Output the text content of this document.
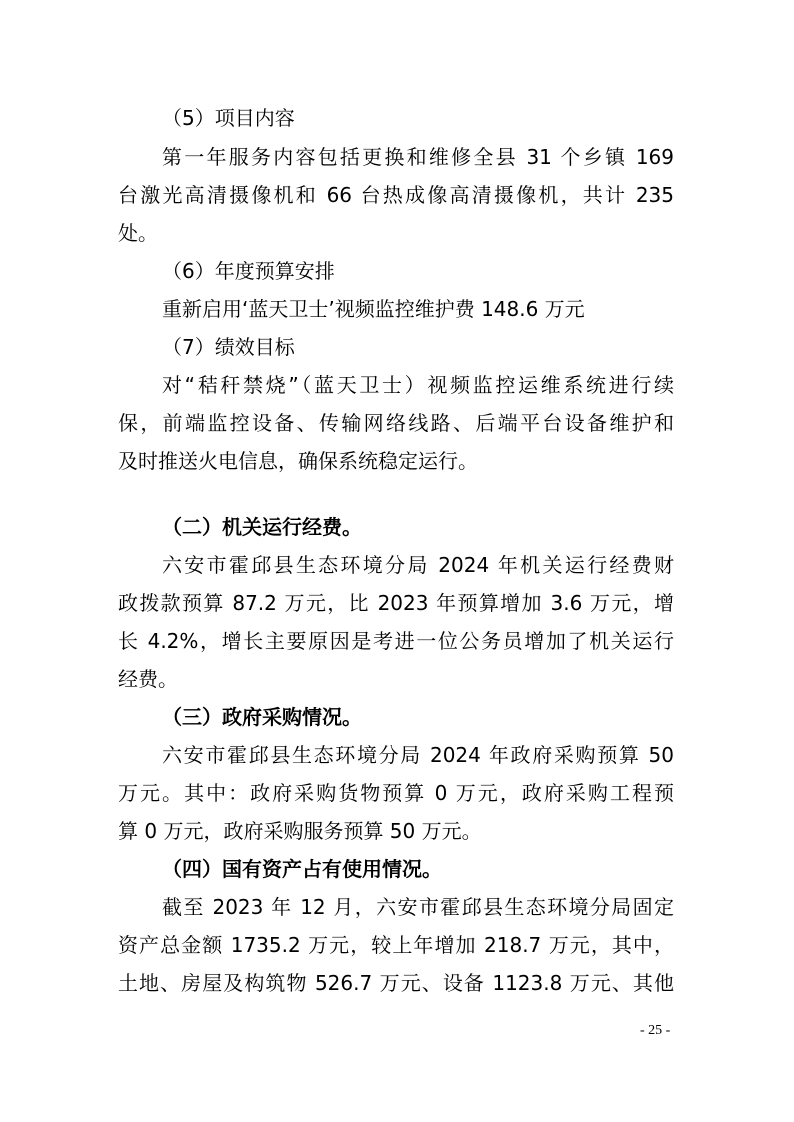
（5）项目内容
第一年服务内容包括更换和维修全县 31 个乡镇 169
台激光高清摄像机和 66 台热成像高清摄像机，共计 235
处。
（6）年度预算安排
重新启用‘蓝天卫士’视频监控维护费 148.6 万元
（7）绩效目标
对“秸秆禁烧”（蓝天卫士）视频监控运维系统进行续
保，前端监控设备、传输网络线路、后端平台设备维护和
及时推送火电信息，确保系统稳定运行。
（二）机关运行经费。
六安市霍邱县生态环境分局 2024 年机关运行经费财
政拨款预算 87.2 万元，比 2023 年预算增加 3.6 万元，增
长 4.2%，增长主要原因是考进一位公务员增加了机关运行
经费。
（三）政府采购情况。
六安市霍邱县生态环境分局 2024 年政府采购预算 50
万元。其中：政府采购货物预算 0 万元，政府采购工程预
算 0 万元，政府采购服务预算 50 万元。
（四）国有资产占有使用情况。
截至 2023 年 12 月，六安市霍邱县生态环境分局固定
资产总金额 1735.2 万元，较上年增加 218.7 万元，其中，
土地、房屋及构筑物 526.7 万元、设备 1123.8 万元、其他
- 25 -
